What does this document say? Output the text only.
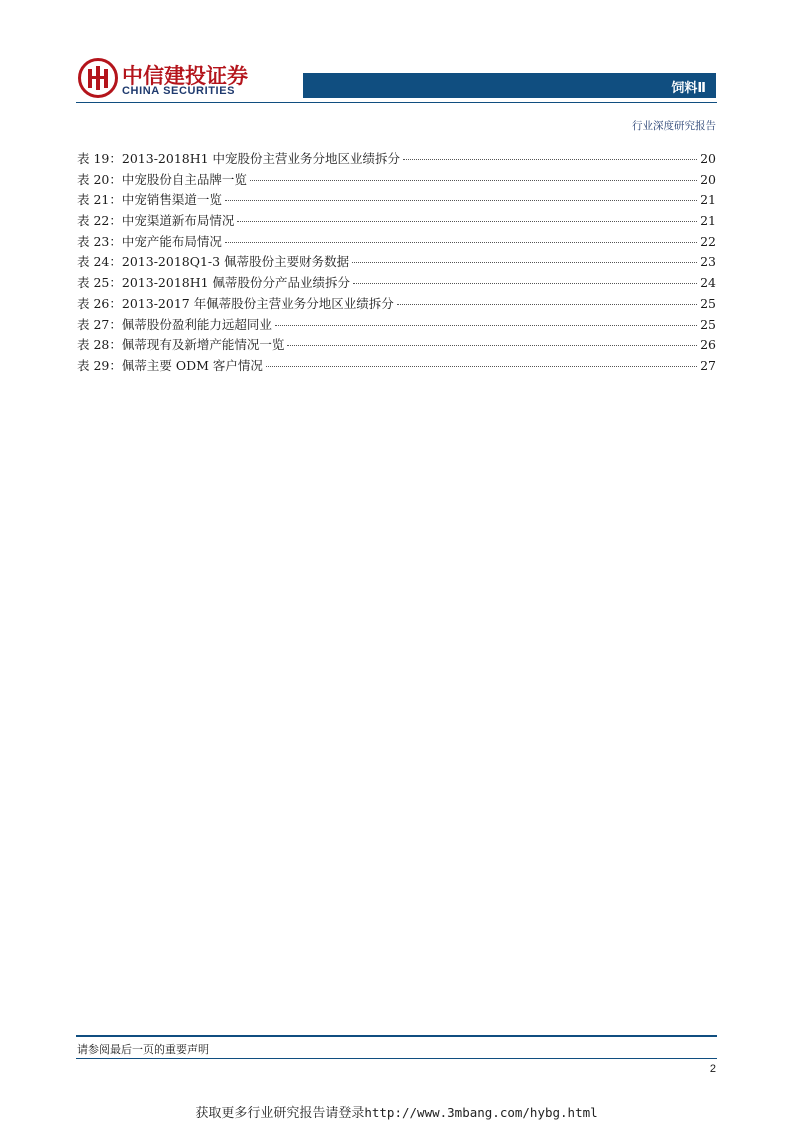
中信建投证券
CHINA SECURITIES	饲料Ⅱ
行业深度研究报告
表 19：2013-2018H1 中宠股份主营业务分地区业绩拆分	20
表 20：中宠股份自主品牌一览	20
表 21：中宠销售渠道一览	21
表 22：中宠渠道新布局情况	21
表 23：中宠产能布局情况	22
表 24：2013-2018Q1-3 佩蒂股份主要财务数据	23
表 25：2013-2018H1 佩蒂股份分产品业绩拆分	24
表 26：2013-2017 年佩蒂股份主营业务分地区业绩拆分	25
表 27：佩蒂股份盈利能力远超同业	25
表 28：佩蒂现有及新增产能情况一览	26
表 29：佩蒂主要 ODM 客户情况	27
请参阅最后一页的重要声明
2
获取更多行业研究报告请登录http://www.3mbang.com/hybg.html
